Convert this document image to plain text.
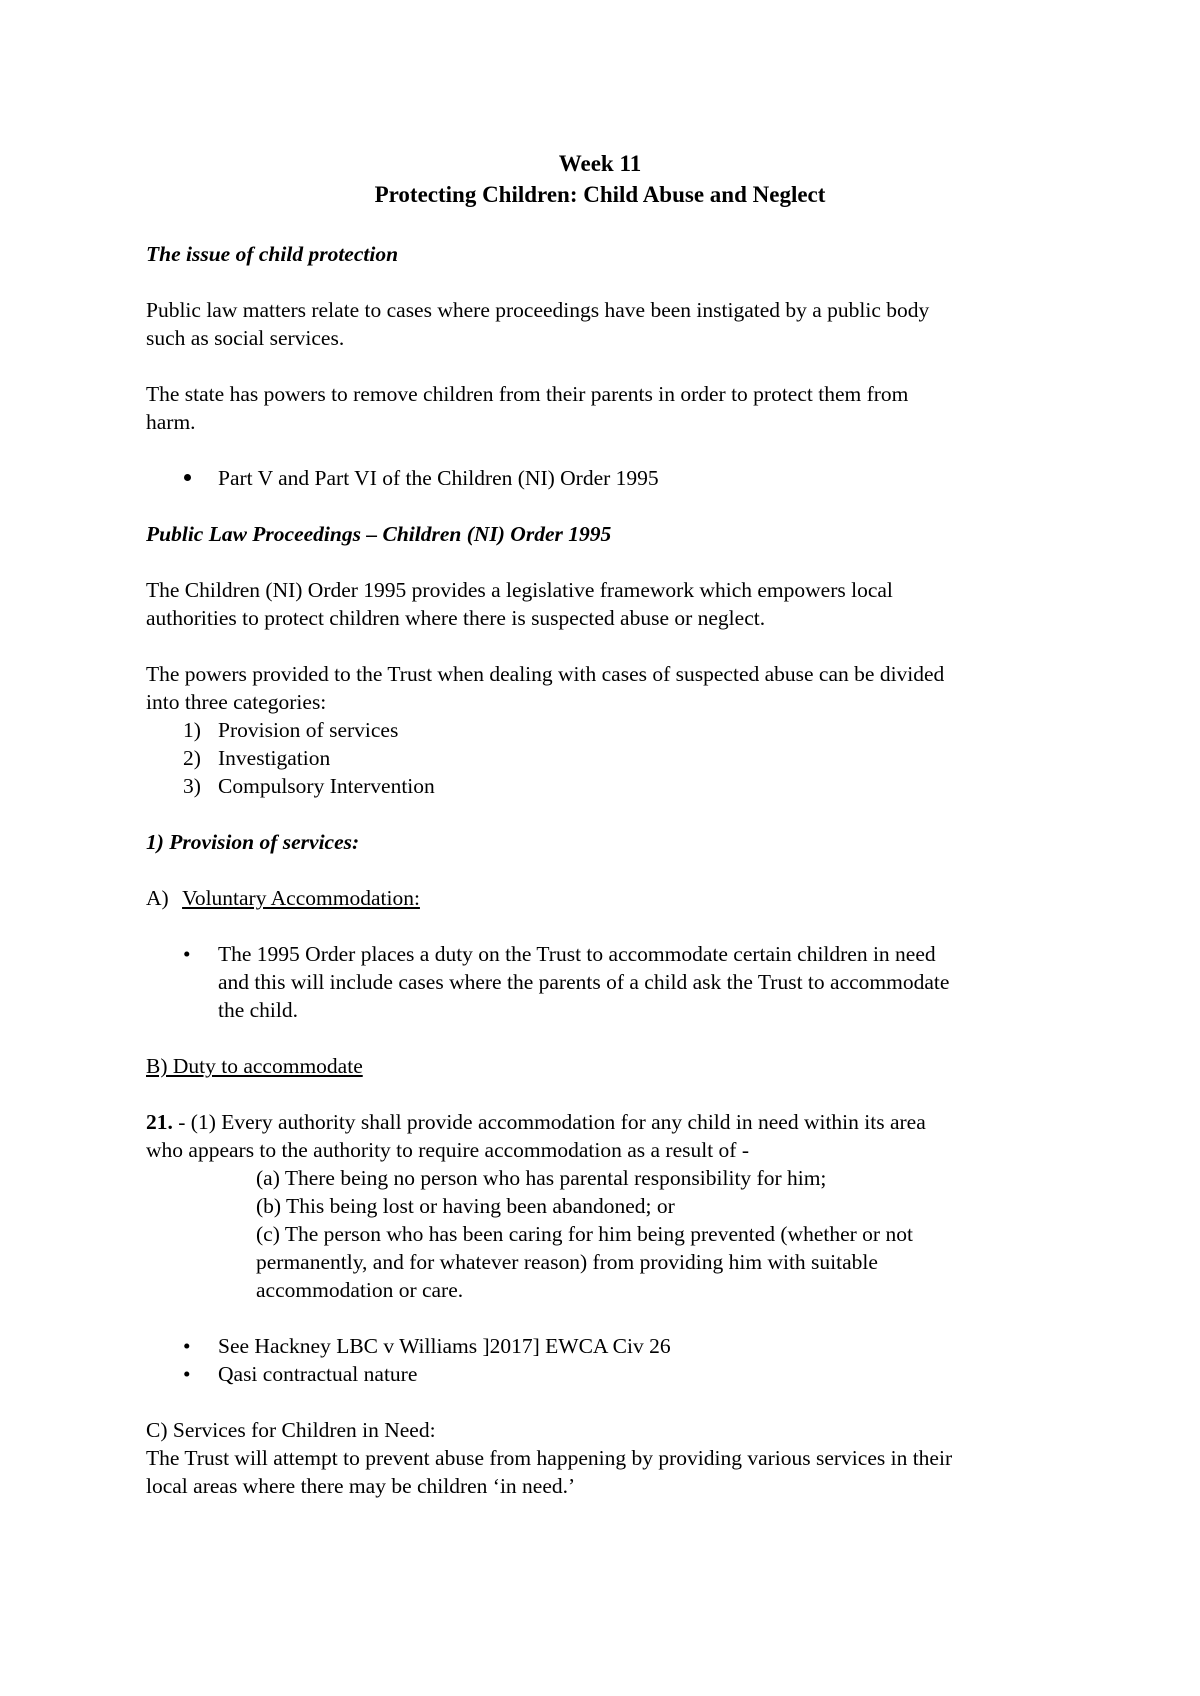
Week 11
Protecting Children: Child Abuse and Neglect
The issue of child protection
Public law matters relate to cases where proceedings have been instigated by a public body
such as social services.
The state has powers to remove children from their parents in order to protect them from
harm.
Part V and Part VI of the Children (NI) Order 1995
Public Law Proceedings – Children (NI) Order 1995
The Children (NI) Order 1995 provides a legislative framework which empowers local
authorities to protect children where there is suspected abuse or neglect.
The powers provided to the Trust when dealing with cases of suspected abuse can be divided
into three categories:
1) Provision of services
2) Investigation
3) Compulsory Intervention
1) Provision of services:
A) Voluntary Accommodation:
• The 1995 Order places a duty on the Trust to accommodate certain children in need
and this will include cases where the parents of a child ask the Trust to accommodate
the child.
B) Duty to accommodate
21. - (1) Every authority shall provide accommodation for any child in need within its area
who appears to the authority to require accommodation as a result of -
(a) There being no person who has parental responsibility for him;
(b) This being lost or having been abandoned; or
(c) The person who has been caring for him being prevented (whether or not
permanently, and for whatever reason) from providing him with suitable
accommodation or care.
• See Hackney LBC v Williams ]2017] EWCA Civ 26
• Qasi contractual nature
C) Services for Children in Need:
The Trust will attempt to prevent abuse from happening by providing various services in their
local areas where there may be children ‘in need.’
